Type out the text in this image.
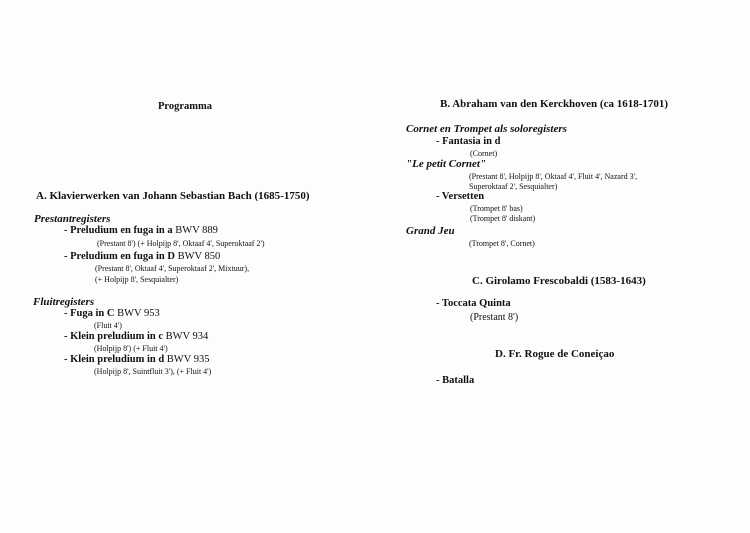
Programma
A. Klavierwerken van Johann Sebastian Bach (1685-1750)
Prestantregisters
- Preludium en fuga in a BWV 889
(Prestant 8') (+ Holpijp 8', Oktaaf 4', Superoktaaf 2')
- Preludium en fuga in D BWV 850
(Prestant 8', Oktaaf 4', Superoktaaf 2', Mixtuur),
(+ Holpijp 8', Sesquialter)
Fluitregisters
- Fuga in C BWV 953
(Fluit 4')
- Klein preludium in c BWV 934
(Holpijp 8') (+ Fluit 4')
- Klein preludium in d BWV 935
(Holpijp 8', Suintfluit 3'), (+ Fluit 4')
B. Abraham van den Kerckhoven (ca 1618-1701)
Cornet en Trompet als soloregisters
- Fantasia in d
(Cornet)
"Le petit Cornet"
(Prestant 8', Holpijp 8', Oktaaf 4', Fluit 4', Nazard 3',
Superoktaaf 2', Sesquialter)
- Versetten
(Trompet 8' bas)
(Trompet 8' diskant)
Grand Jeu
(Trompet 8', Cornet)
C. Girolamo Frescobaldi (1583-1643)
- Toccata Quinta
(Prestant 8')
D. Fr. Rogue de Coneiçao
- Batalla
